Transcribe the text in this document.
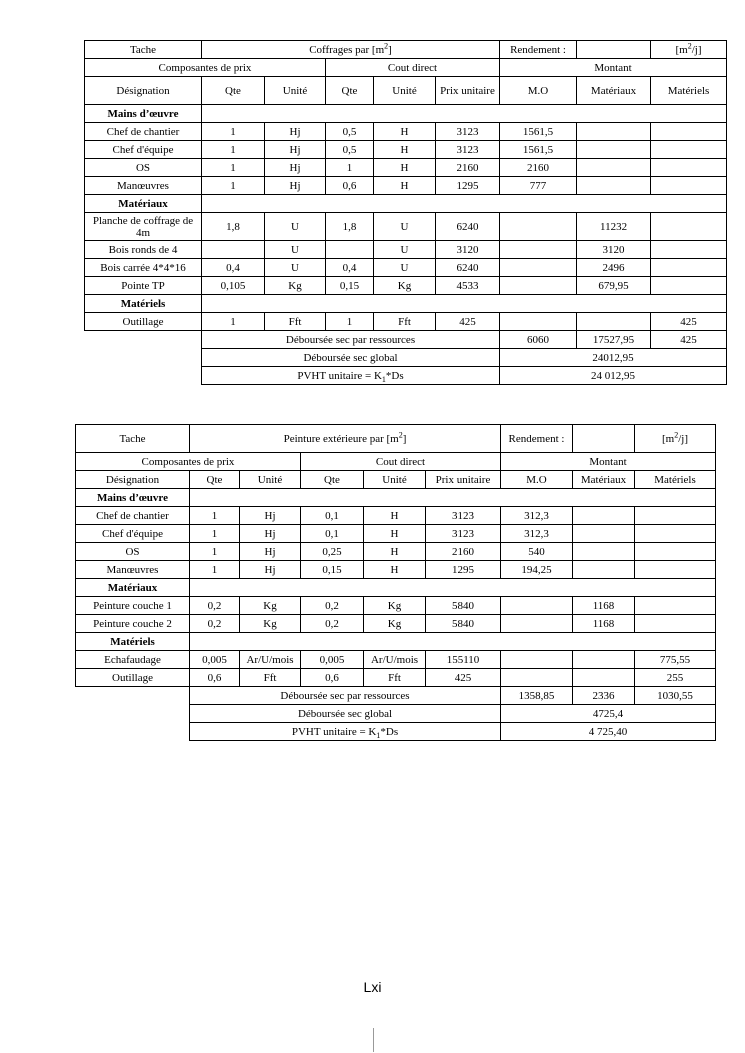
Tache	Coffrages par $[m^2]$					Rendement :		$[m^2/j]$
Composantes de prix			Cout direct			Montant		
Désignation	Qte	Unité	Qte	Unité	Prix unitaire	M.O	Matériaux	Matériels
Mains d’œuvre								
Chef de chantier	1	Hj	0,5	H	3123	1561,5		
Chef d'équipe	1	Hj	0,5	H	3123	1561,5		
OS	1	Hj	1	H	2160	2160		
Manœuvres	1	Hj	0,6	H	1295	777		
Matériaux								
Planche de coffrage de 4m	1,8	U	1,8	U	6240		11232	
Bois ronds de 4		U		U	3120		3120	
Bois carrée 4*4*16	0,4	U	0,4	U	6240		2496	
Pointe TP	0,105	Kg	0,15	Kg	4533		679,95	
Matériels								
Outillage	1	Fft	1	Fft	425			425
	Déboursée sec par ressources					6060	17527,95	425
	Déboursée sec global					24012,95		
	PVHT unitaire = $K_1*Ds$					24 012,95		
Tache	Peinture extérieure par $[m^2]$					Rendement :		$[m^2/j]$
Composantes de prix			Cout direct			Montant		
Désignation	Qte	Unité	Qte	Unité	Prix unitaire	M.O	Matériaux	Matériels
Mains d’œuvre								
Chef de chantier	1	Hj	0,1	H	3123	312,3		
Chef d'équipe	1	Hj	0,1	H	3123	312,3		
OS	1	Hj	0,25	H	2160	540		
Manœuvres	1	Hj	0,15	H	1295	194,25		
Matériaux								
Peinture couche 1	0,2	Kg	0,2	Kg	5840		1168	
Peinture couche 2	0,2	Kg	0,2	Kg	5840		1168	
Matériels								
Echafaudage	0,005	Ar/U/mois	0,005	Ar/U/mois	155110			775,55
Outillage	0,6	Fft	0,6	Fft	425			255
	Déboursée sec par ressources					1358,85	2336	1030,55
	Déboursée sec global					4725,4		
	PVHT unitaire = $K_1*Ds$					4 725,40		
Lxi
